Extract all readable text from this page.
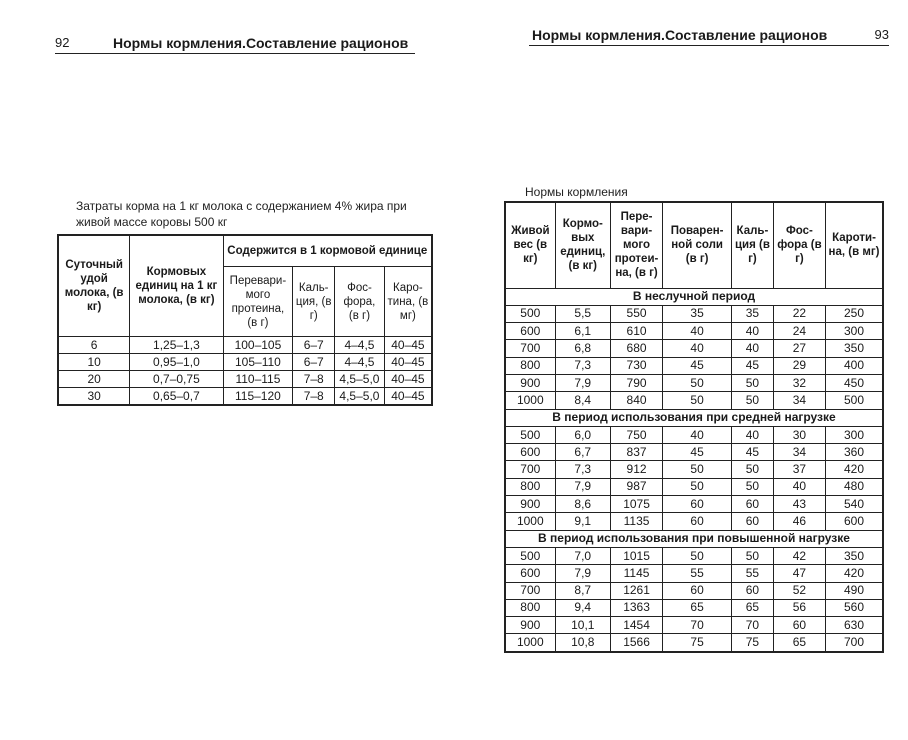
92	Нормы кормления.Составление рационов
Затраты корма на 1 кг молока с содержанием 4% жира при живой массе коровы 500 кг
Суточный удой молока, (в кг)	Кормовых единиц на 1 кг молока, (в кг)	Содержится в 1 кормовой единице			
		Перевари-мого протеина, (в г)	Каль-ция, (в г)	Фос-фора, (в г)	Каро-тина, (в мг)
6	1,25–1,3	100–105	6–7	4–4,5	40–45
10	0,95–1,0	105–110	6–7	4–4,5	40–45
20	0,7–0,75	110–115	7–8	4,5–5,0	40–45
30	0,65–0,7	115–120	7–8	4,5–5,0	40–45
Нормы кормления.Составление рационов	93
Нормы кормления
Живой вес (в кг)	Кормо-вых единиц, (в кг)	Пере-вари-мого протеи-на, (в г)	Поварен-ной соли (в г)	Каль-ция (в г)	Фос-фора (в г)	Кароти-на, (в мг)
В неслучной период						
500	5,5	550	35	35	22	250
600	6,1	610	40	40	24	300
700	6,8	680	40	40	27	350
800	7,3	730	45	45	29	400
900	7,9	790	50	50	32	450
1000	8,4	840	50	50	34	500
В период использования при средней нагрузке						
500	6,0	750	40	40	30	300
600	6,7	837	45	45	34	360
700	7,3	912	50	50	37	420
800	7,9	987	50	50	40	480
900	8,6	1075	60	60	43	540
1000	9,1	1135	60	60	46	600
В период использования при повышенной нагрузке						
500	7,0	1015	50	50	42	350
600	7,9	1145	55	55	47	420
700	8,7	1261	60	60	52	490
800	9,4	1363	65	65	56	560
900	10,1	1454	70	70	60	630
1000	10,8	1566	75	75	65	700
